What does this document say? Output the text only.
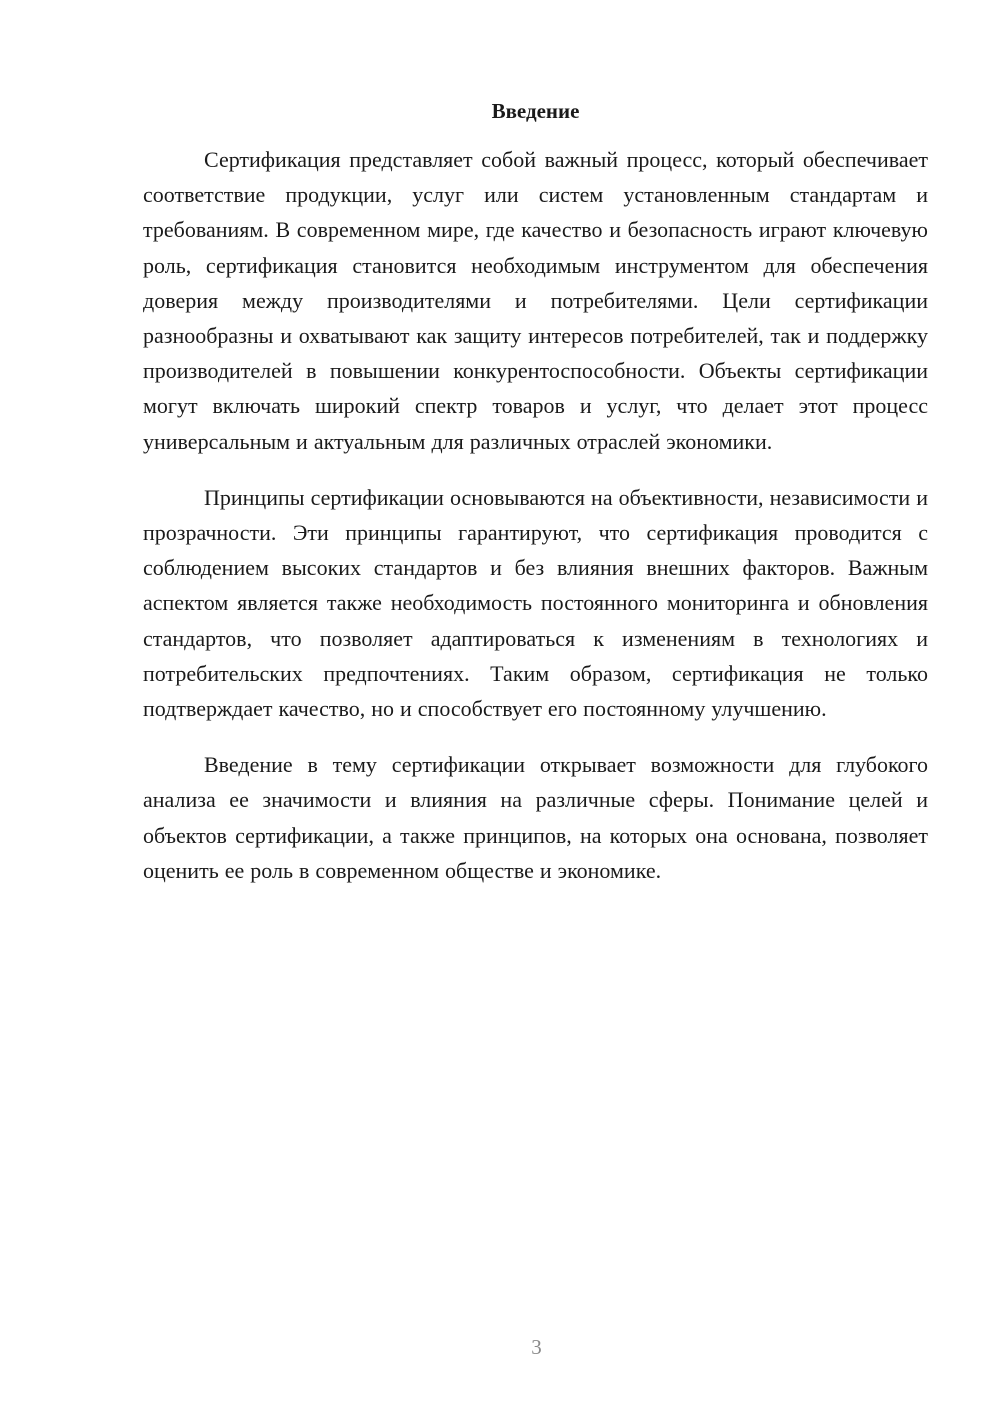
Введение

Сертификация представляет собой важный процесс, который обеспечивает соответствие продукции, услуг или систем установленным стандартам и требованиям. В современном мире, где качество и безопасность играют ключевую роль, сертификация становится необходимым инструментом для обеспечения доверия между производителями и потребителями. Цели сертификации разнообразны и охватывают как защиту интересов потребителей, так и поддержку производителей в повышении конкурентоспособности. Объекты сертификации могут включать широкий спектр товаров и услуг, что делает этот процесс универсальным и актуальным для различных отраслей экономики.

Принципы сертификации основываются на объективности, независимости и прозрачности. Эти принципы гарантируют, что сертификация проводится с соблюдением высоких стандартов и без влияния внешних факторов. Важным аспектом является также необходимость постоянного мониторинга и обновления стандартов, что позволяет адаптироваться к изменениям в технологиях и потребительских предпочтениях. Таким образом, сертификация не только подтверждает качество, но и способствует его постоянному улучшению.

Введение в тему сертификации открывает возможности для глубокого анализа ее значимости и влияния на различные сферы. Понимание целей и объектов сертификации, а также принципов, на которых она основана, позволяет оценить ее роль в современном обществе и экономике.

3
